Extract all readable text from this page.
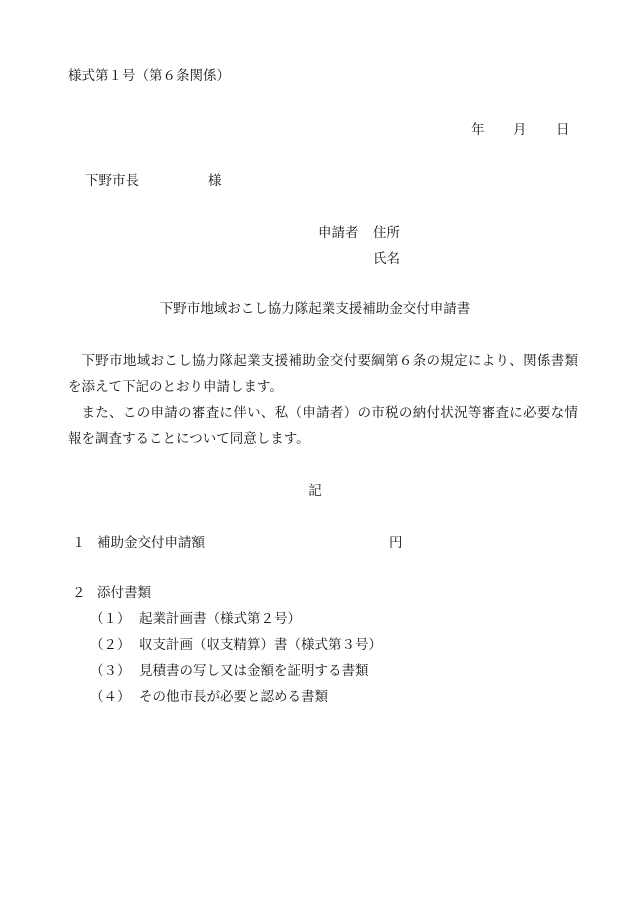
様式第１号（第６条関係）
年 月 日
下野市長	様
申請者 住所
氏名
下野市地域おこし協力隊起業支援補助金交付申請書
下野市地域おこし協力隊起業支援補助金交付要綱第６条の規定により、関係書類を添えて下記のとおり申請します。
また、この申請の審査に伴い、私（申請者）の市税の納付状況等審査に必要な情報を調査することについて同意します。
記
１ 補助金交付申請額	円
２ 添付書類
（１） 起業計画書（様式第２号）
（２） 収支計画（収支精算）書（様式第３号）
（３） 見積書の写し又は金額を証明する書類
（４） その他市長が必要と認める書類
